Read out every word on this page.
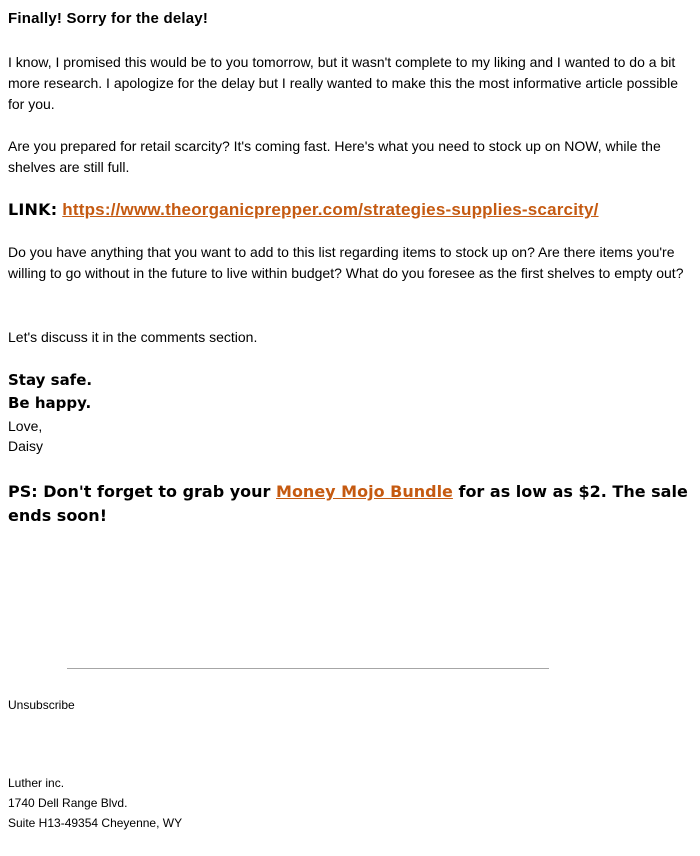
Finally! Sorry for the delay!
I know, I promised this would be to you tomorrow, but it wasn't complete to my liking and I wanted to do a bit more research. I apologize for the delay but I really wanted to make this the most informative article possible for you.
Are you prepared for retail scarcity? It's coming fast. Here's what you need to stock up on NOW, while the shelves are still full.
LINK: https://www.theorganicprepper.com/strategies-supplies-scarcity/
Do you have anything that you want to add to this list regarding items to stock up on? Are there items you're willing to go without in the future to live within budget? What do you foresee as the first shelves to empty out?
Let's discuss it in the comments section.
Stay safe.
Be happy.
Love,
Daisy
PS: Don't forget to grab your Money Mojo Bundle for as low as $2. The sale ends soon!
Unsubscribe
Luther inc.
1740 Dell Range Blvd.
Suite H13-49354 Cheyenne, WY
